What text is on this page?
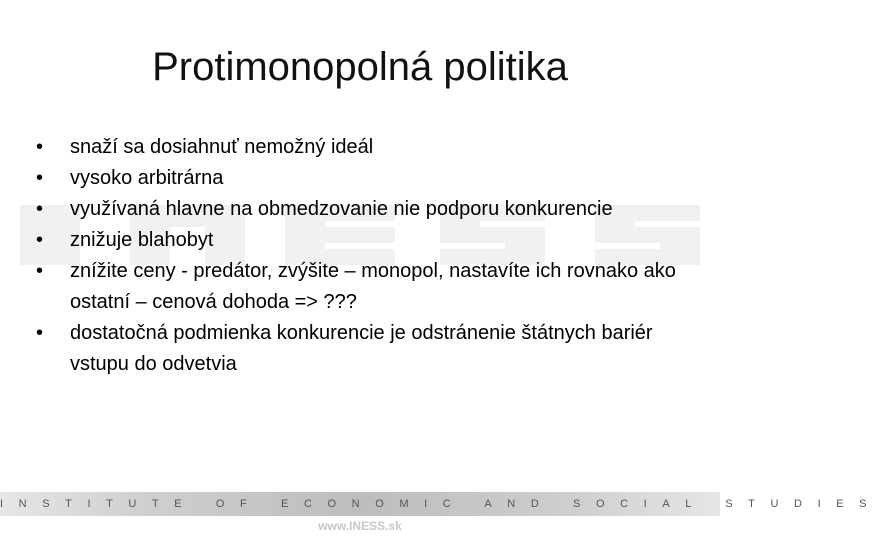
Protimonopolná politika
•	snaží sa dosiahnuť nemožný ideál
•	vysoko arbitrárna
•	využívaná hlavne na obmedzovanie nie podporu konkurencie
•	znižuje blahobyt
•	znížite ceny - predátor, zvýšite – monopol, nastavíte ich rovnako ako ostatní – cenová dohoda => ???
•	dostatočná podmienka konkurencie je odstránenie štátnych bariér vstupu do odvetvia
INSTITUTE OF ECONOMIC AND SOCIAL STUDIES
www.INESS.sk
